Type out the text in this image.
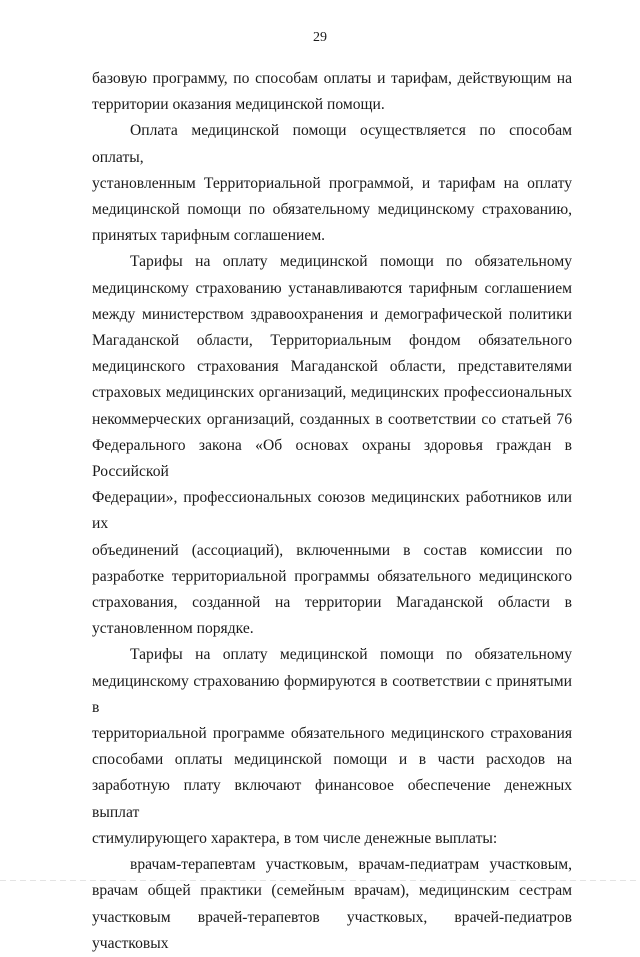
29

базовую программу, по способам оплаты и тарифам, действующим на

территории оказания медицинской помощи.

Оплата медицинской помощи осуществляется по способам оплаты,

установленным Территориальной программой, и тарифам на оплату

медицинской помощи по обязательному медицинскому страхованию,

принятых тарифным соглашением.

Тарифы на оплату медицинской помощи по обязательному

медицинскому страхованию устанавливаются тарифным соглашением

между министерством здравоохранения и демографической политики

Магаданской области, Территориальным фондом обязательного

медицинского страхования Магаданской области, представителями

страховых медицинских организаций, медицинских профессиональных

некоммерческих организаций, созданных в соответствии со статьей 76

Федерального закона «Об основах охраны здоровья граждан в Российской

Федерации», профессиональных союзов медицинских работников или их

объединений (ассоциаций), включенными в состав комиссии по

разработке территориальной программы обязательного медицинского

страхования, созданной на территории Магаданской области в

установленном порядке.

Тарифы на оплату медицинской помощи по обязательному

медицинскому страхованию формируются в соответствии с принятыми в

территориальной программе обязательного медицинского страхования

способами оплаты медицинской помощи и в части расходов на

заработную плату включают финансовое обеспечение денежных выплат

стимулирующего характера, в том числе денежные выплаты:

врачам-терапевтам участковым, врачам-педиатрам участковым,

врачам общей практики (семейным врачам), медицинским сестрам

участковым врачей-терапевтов участковых, врачей-педиатров участковых
